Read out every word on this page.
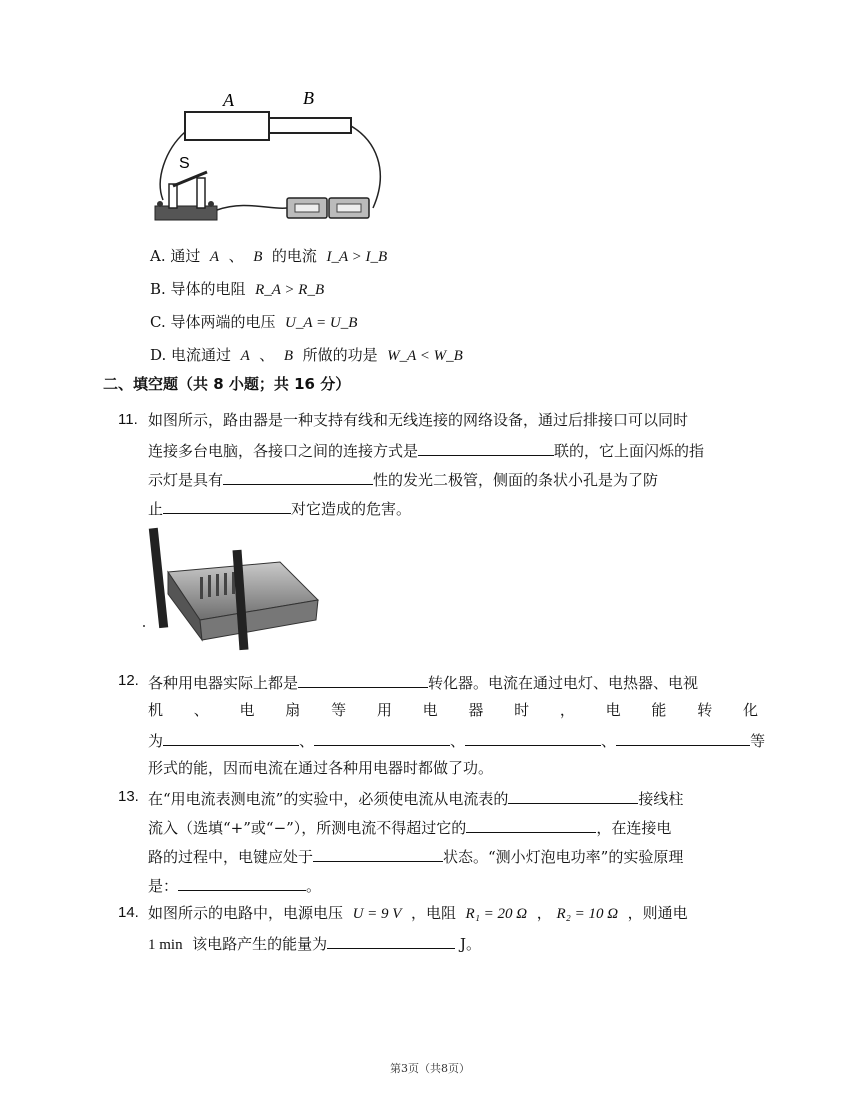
A	B
S
A. 通过 A 、 B 的电流 I_A > I_B
B. 导体的电阻 R_A > R_B
C. 导体两端的电压 U_A = U_B
D. 电流通过 A 、 B 所做的功是 W_A < W_B
二、填空题（共 8 小题；共 16 分）
11. 如图所示，路由器是一种支持有线和无线连接的网络设备，通过后排接口可以同时
连接多台电脑，各接口之间的连接方式是	联的，它上面闪烁的指
示灯是具有	性的发光二极管，侧面的条状小孔是为了防
止	对它造成的危害。
12. 各种用电器实际上都是	转化器。电流在通过电灯、电热器、电视
机 、 电 扇 等 用 电 器 时 ， 电 能 转 化
为	、	、	、	等
形式的能，因而电流在通过各种用电器时都做了功。
13. 在“用电流表测电流”的实验中，必须使电流从电流表的	接线柱
流入（选填“+”或“−”），所测电流不得超过它的	，在连接电
路的过程中，电键应处于	状态。“测小灯泡电功率”的实验原理
是：	。
14. 如图所示的电路中，电源电压 U = 9 V ，电阻 R₁ = 20 Ω ， R₂ = 10 Ω ，则通电
1 min 该电路产生的能量为	J。
第3页（共8页）
